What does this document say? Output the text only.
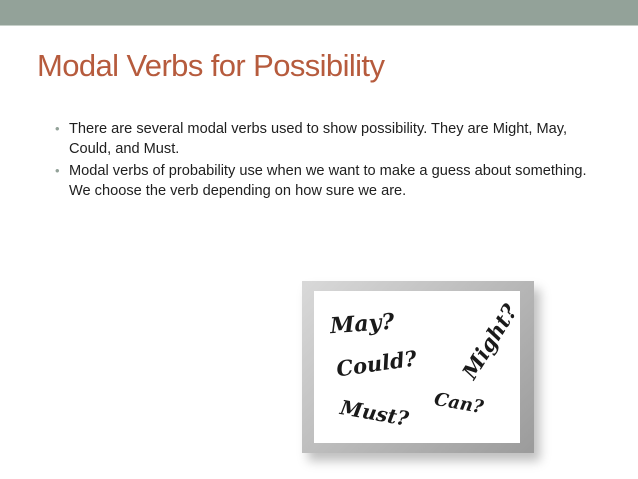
Modal Verbs for Possibility
• There are several modal verbs used to show possibility. They are Might, May, Could, and Must.
• Modal verbs of probability use when we want to make a guess about something. We choose the verb depending on how sure we are.
May?
Could? Might?
Can?
Must?
